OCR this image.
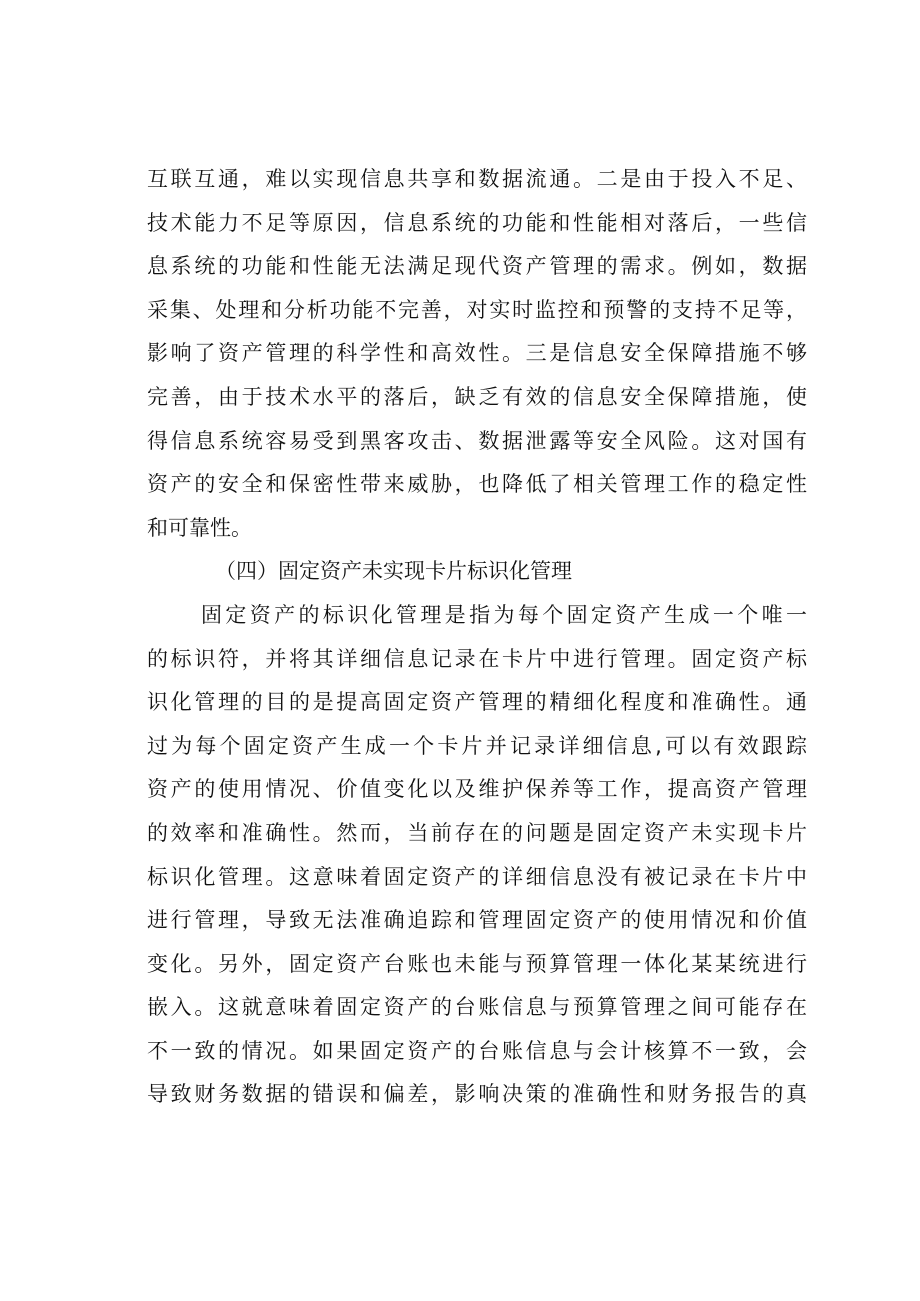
互联互通，难以实现信息共享和数据流通。二是由于投入不足、
技术能力不足等原因，信息系统的功能和性能相对落后，一些信
息系统的功能和性能无法满足现代资产管理的需求。例如，数据
采集、处理和分析功能不完善，对实时监控和预警的支持不足等，
影响了资产管理的科学性和高效性。三是信息安全保障措施不够
完善，由于技术水平的落后，缺乏有效的信息安全保障措施，使
得信息系统容易受到黑客攻击、数据泄露等安全风险。这对国有
资产的安全和保密性带来威胁，也降低了相关管理工作的稳定性
和可靠性。
（四）固定资产未实现卡片标识化管理
固定资产的标识化管理是指为每个固定资产生成一个唯一
的标识符，并将其详细信息记录在卡片中进行管理。固定资产标
识化管理的目的是提高固定资产管理的精细化程度和准确性。通
过为每个固定资产生成一个卡片并记录详细信息,可以有效跟踪
资产的使用情况、价值变化以及维护保养等工作，提高资产管理
的效率和准确性。然而，当前存在的问题是固定资产未实现卡片
标识化管理。这意味着固定资产的详细信息没有被记录在卡片中
进行管理，导致无法准确追踪和管理固定资产的使用情况和价值
变化。另外，固定资产台账也未能与预算管理一体化某某统进行
嵌入。这就意味着固定资产的台账信息与预算管理之间可能存在
不一致的情况。如果固定资产的台账信息与会计核算不一致，会
导致财务数据的错误和偏差，影响决策的准确性和财务报告的真
